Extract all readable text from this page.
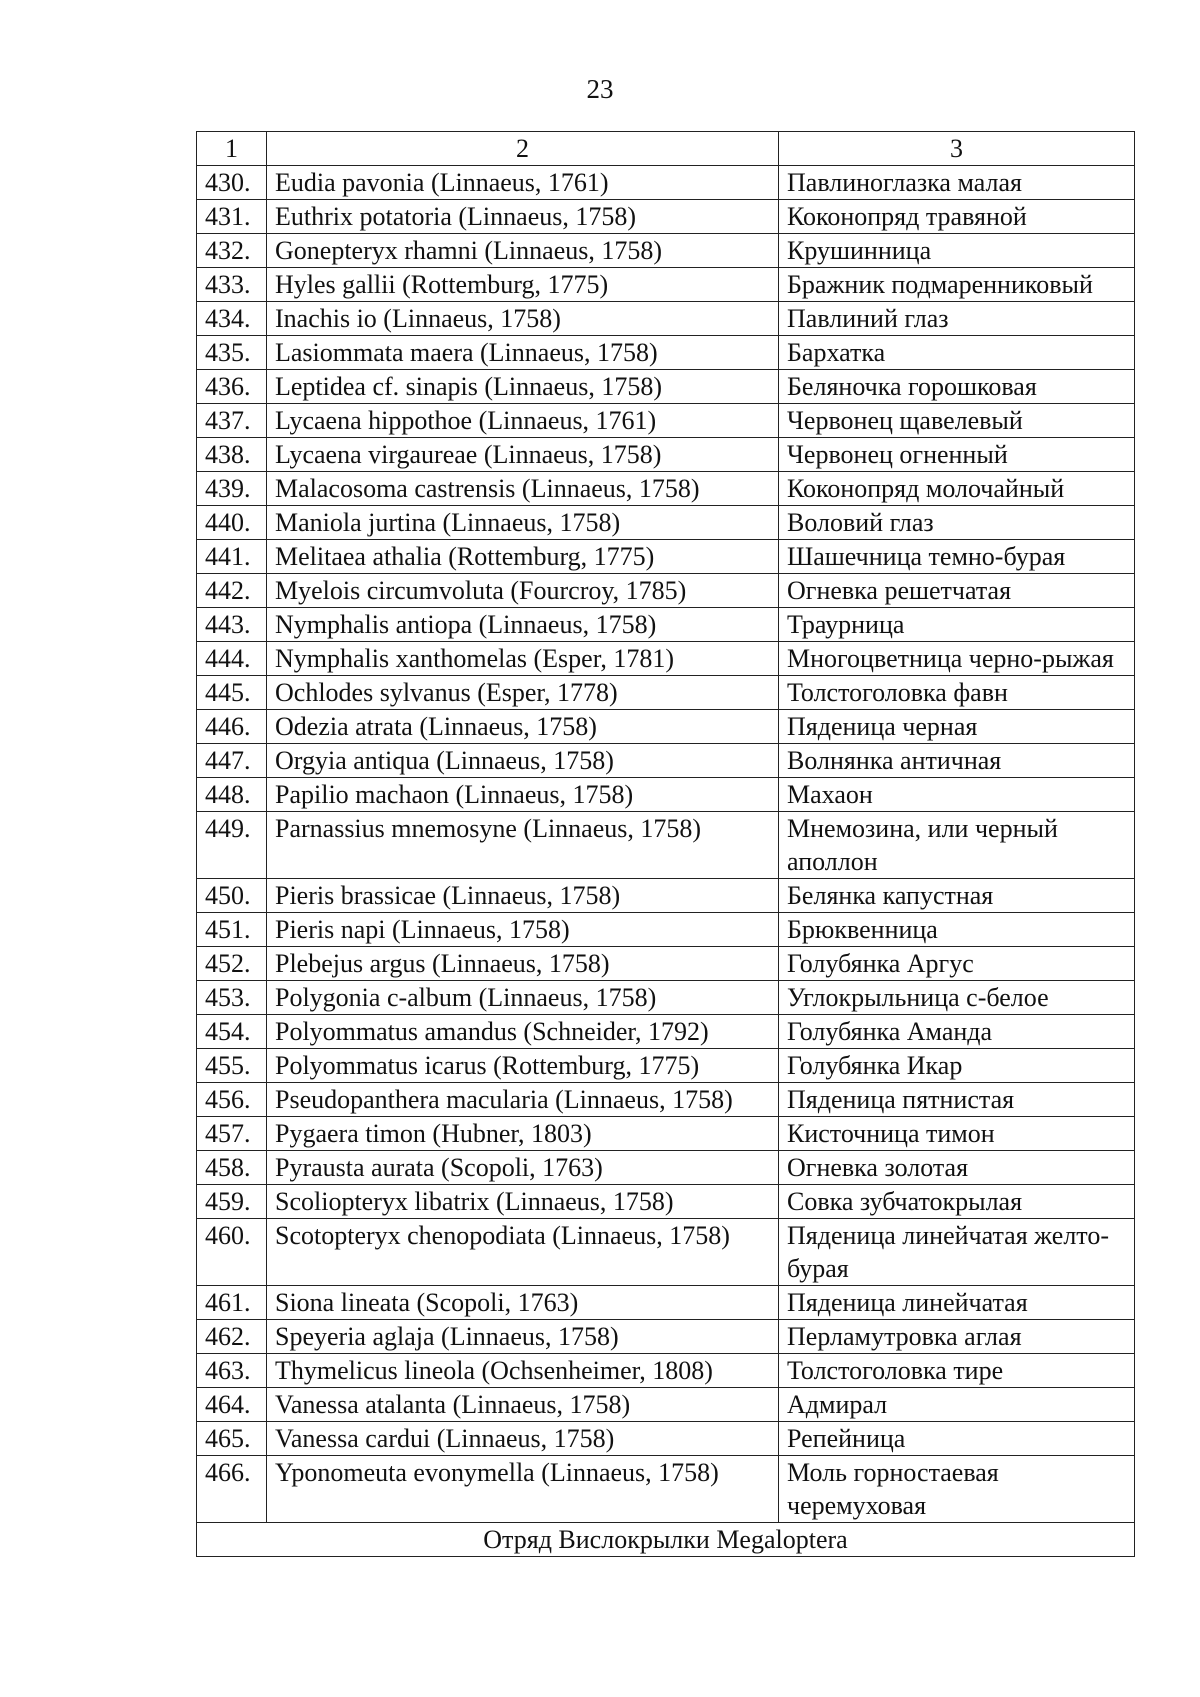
23
1	2	3
430.	Eudia pavonia (Linnaeus, 1761)	Павлиноглазка малая
431.	Euthrix potatoria (Linnaeus, 1758)	Коконопряд травяной
432.	Gonepteryx rhamni (Linnaeus, 1758)	Крушинница
433.	Hyles gallii (Rottemburg, 1775)	Бражник подмаренниковый
434.	Inachis io (Linnaeus, 1758)	Павлиний глаз
435.	Lasiommata maera (Linnaeus, 1758)	Бархатка
436.	Leptidea cf. sinapis (Linnaeus, 1758)	Беляночка горошковая
437.	Lycaena hippothoe (Linnaeus, 1761)	Червонец щавелевый
438.	Lycaena virgaureae (Linnaeus, 1758)	Червонец огненный
439.	Malacosoma castrensis (Linnaeus, 1758)	Коконопряд молочайный
440.	Maniola jurtina (Linnaeus, 1758)	Воловий глаз
441.	Melitaea athalia (Rottemburg, 1775)	Шашечница темно-бурая
442.	Myelois circumvoluta (Fourcroy, 1785)	Огневка решетчатая
443.	Nymphalis antiopa (Linnaeus, 1758)	Траурница
444.	Nymphalis xanthomelas (Esper, 1781)	Многоцветница черно-рыжая
445.	Ochlodes sylvanus (Esper, 1778)	Толстоголовка фавн
446.	Odezia atrata (Linnaeus, 1758)	Пяденица черная
447.	Orgyia antiqua (Linnaeus, 1758)	Волнянка античная
448.	Papilio machaon (Linnaeus, 1758)	Махаон
449.	Parnassius mnemosyne (Linnaeus, 1758)	Мнемозина, или черный аполлон
450.	Pieris brassicae (Linnaeus, 1758)	Белянка капустная
451.	Pieris napi (Linnaeus, 1758)	Брюквенница
452.	Plebejus argus (Linnaeus, 1758)	Голубянка Аргус
453.	Polygonia c-album (Linnaeus, 1758)	Углокрыльница с-белое
454.	Polyommatus amandus (Schneider, 1792)	Голубянка Аманда
455.	Polyommatus icarus (Rottemburg, 1775)	Голубянка Икар
456.	Pseudopanthera macularia (Linnaeus, 1758)	Пяденица пятнистая
457.	Pygaera timon (Hubner, 1803)	Кисточница тимон
458.	Pyrausta aurata (Scopoli, 1763)	Огневка золотая
459.	Scoliopteryx libatrix (Linnaeus, 1758)	Совка зубчатокрылая
460.	Scotopteryx chenopodiata (Linnaeus, 1758)	Пяденица линейчатая желто-бурая
461.	Siona lineata (Scopoli, 1763)	Пяденица линейчатая
462.	Speyeria aglaja (Linnaeus, 1758)	Перламутровка аглая
463.	Thymelicus lineola (Ochsenheimer, 1808)	Толстоголовка тире
464.	Vanessa atalanta (Linnaeus, 1758)	Адмирал
465.	Vanessa cardui (Linnaeus, 1758)	Репейница
466.	Yponomeuta evonymella (Linnaeus, 1758)	Моль горностаевая черемуховая
Отряд Вислокрылки Megaloptera		
